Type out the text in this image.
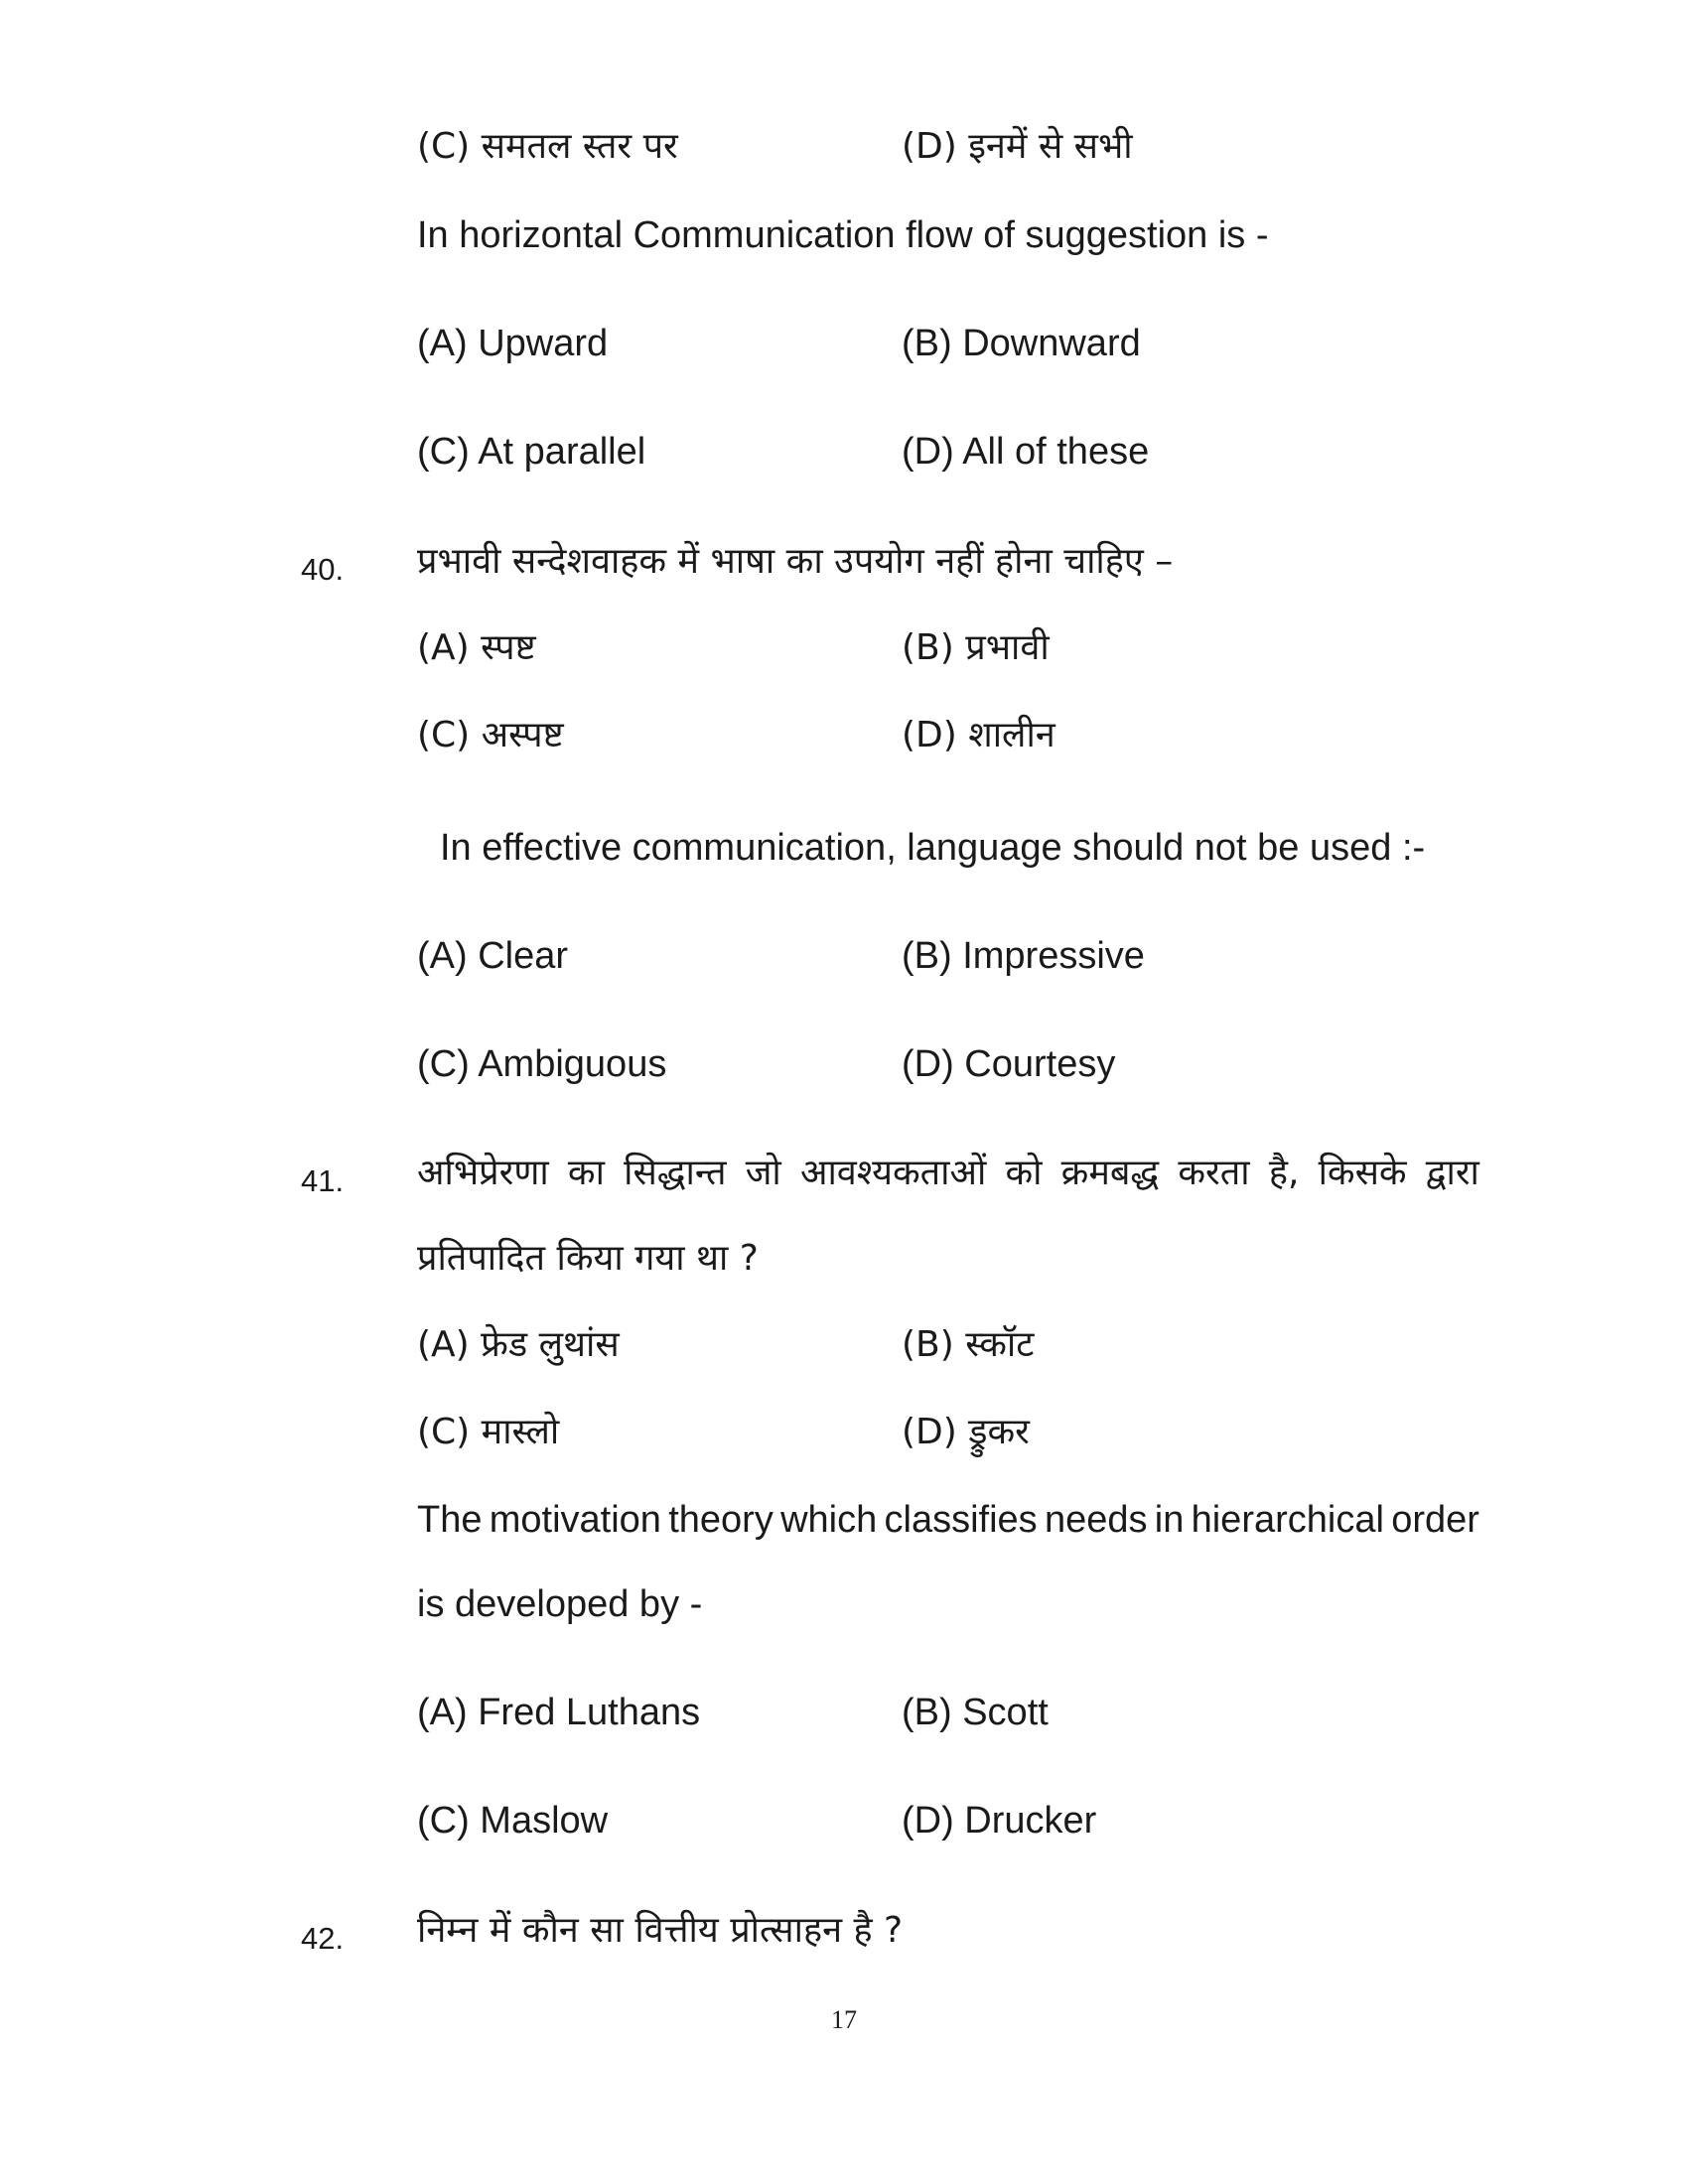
(C) समतल स्तर पर	(D) इनमें से सभी
In horizontal Communication flow of suggestion is -
(A) Upward	(B) Downward
(C) At parallel	(D) All of these
40. प्रभावी सन्देशवाहक में भाषा का उपयोग नहीं होना चाहिए –
(A) स्पष्ट	(B) प्रभावी
(C) अस्पष्ट	(D) शालीन
In effective communication, language should not be used :-
(A) Clear	(B) Impressive
(C) Ambiguous	(D) Courtesy
41. अभिप्रेरणा का सिद्धान्त जो आवश्यकताओं को क्रमबद्ध करता है, किसके द्वारा
प्रतिपादित किया गया था ?
(A) फ्रेड लुथांस	(B) स्कॉट
(C) मास्लो	(D) ड्रुकर
The motivation theory which classifies needs in hierarchical order
is developed by -
(A) Fred Luthans	(B) Scott
(C) Maslow	(D) Drucker
42. निम्न में कौन सा वित्तीय प्रोत्साहन है ?
17
